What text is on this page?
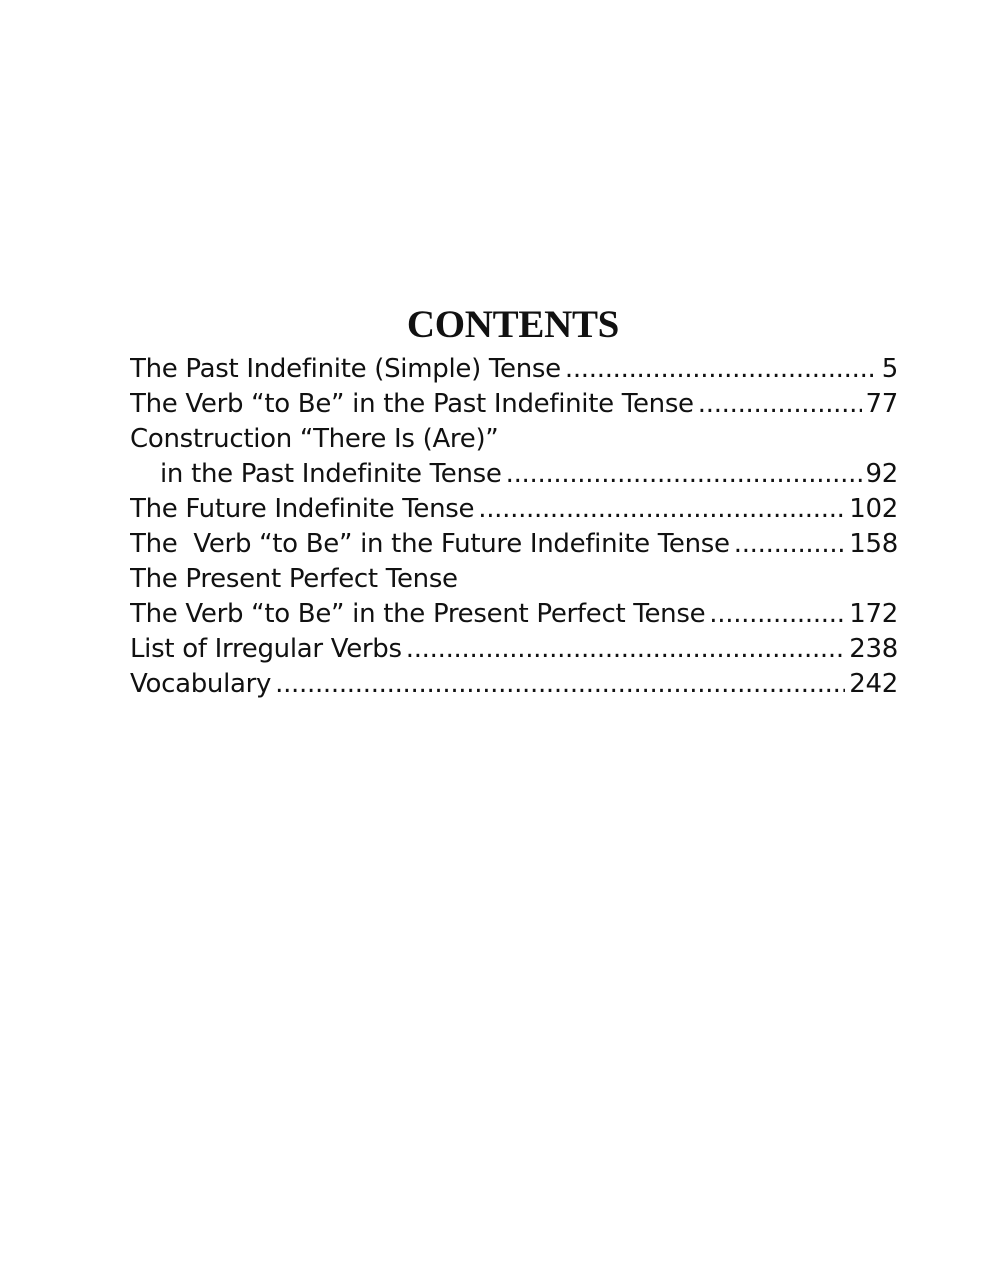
CONTENTS
The Past Indefinite (Simple) Tense .....	5
The Verb “to Be” in the Past Indefinite Tense .....	77
Construction “There Is (Are)”
in the Past Indefinite Tense .....	92
The Future Indefinite Tense .....	102
The  Verb “to Be” in the Future Indefinite Tense .....	158
The Present Perfect Tense
The Verb “to Be” in the Present Perfect Tense .....	172
List of Irregular Verbs .....	238
Vocabulary .....	242
